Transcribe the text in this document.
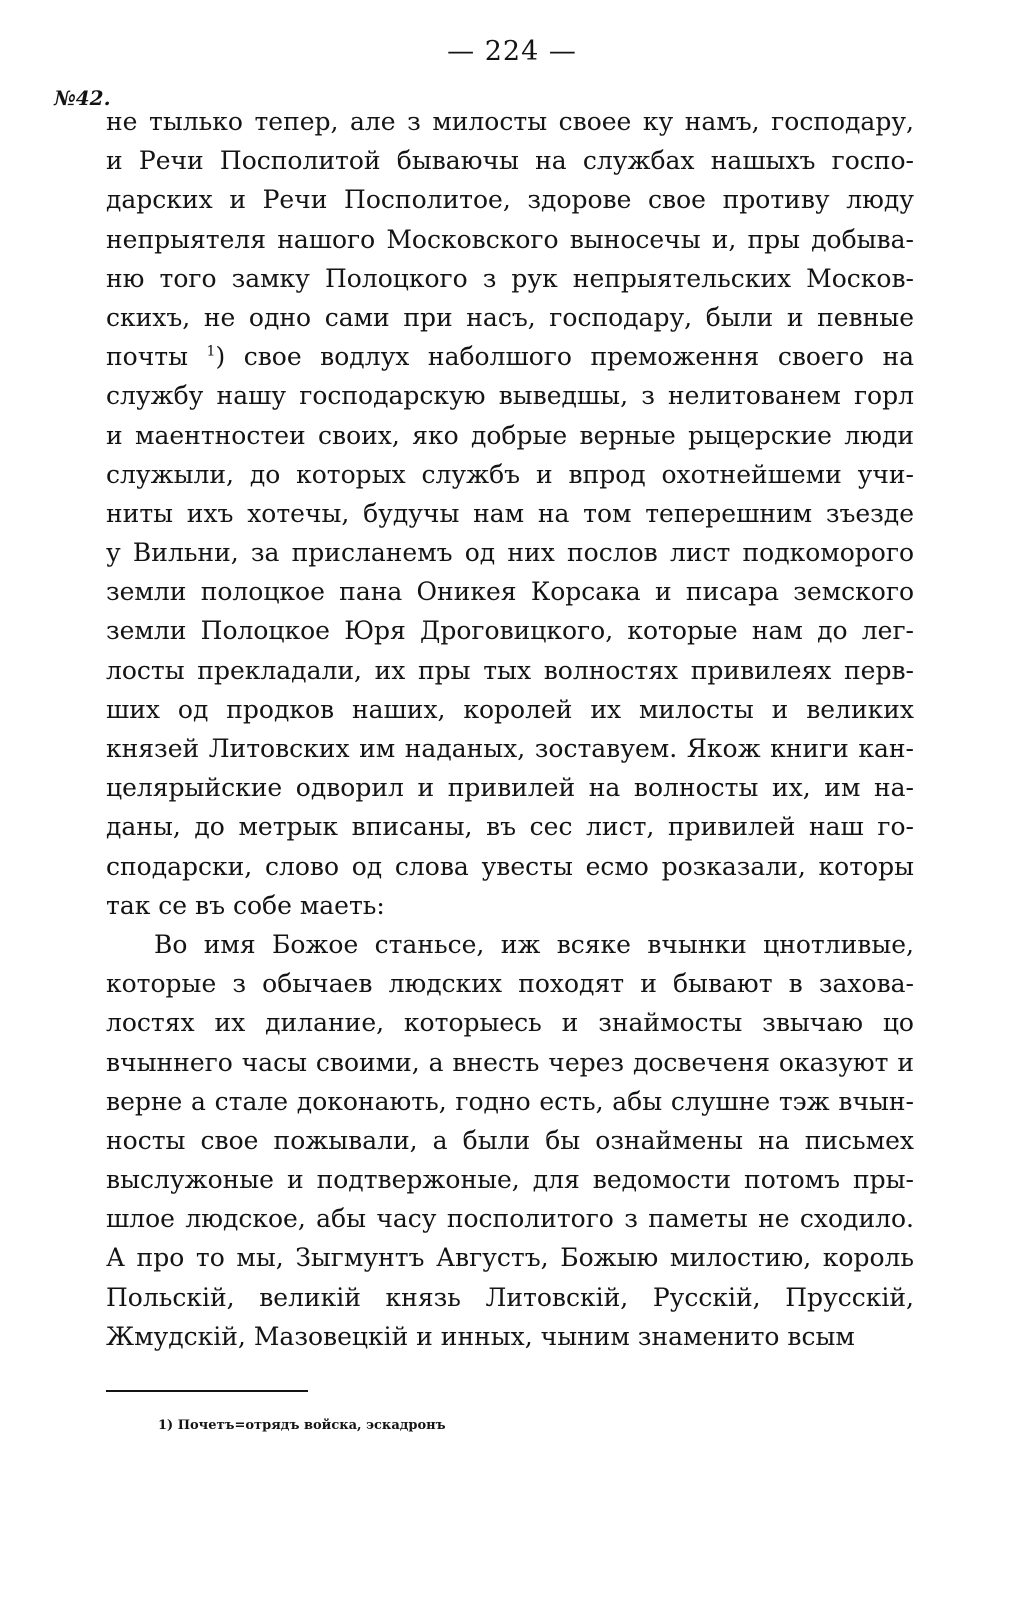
— 224 —
№42.
не тылько тепер, але з милосты своее ку намъ, господару,
и Речи Посполитой бываючы на службах нашыхъ госпо-
дарских и Речи Посполитое, здорове свое противу люду
непрыятеля нашого Московского выносечы и, пры добыва-
ню того замку Полоцкого з рук непрыятельских Москов-
скихъ, не одно сами при насъ, господару, были и певные
почты $^1$) свое водлух наболшого преможення своего на
службу нашу господарскую выведшы, з нелитованем горл
и маентностеи своих, яко добрые верные рыцерские люди
служыли, до которых службъ и впрод охотнейшеми учи-
ниты ихъ хотечы, будучы нам на том теперешним зъезде
у Вильни, за присланемъ од них послов лист подкоморого
земли полоцкое пана Оникея Корсака и писара земского
земли Полоцкое Юря Дроговицкого, которые нам до лег-
лосты прекладали, их пры тых волностях привилеях перв-
ших од продков наших, королей их милосты и великих
князей Литовских им наданых, зоставуем. Якож книги кан-
целярыйские одворил и привилей на волносты их, им на-
даны, до метрык вписаны, въ сес лист, привилей наш го-
сподарски, слово од слова увесты есмо розказали, которы
так се въ собе маеть:
Во имя Божое станьсе, иж всяке вчынки цнотливые,
которые з обычаев людских походят и бывают в захова-
лостях их дилание, которыесь и знаймосты звычаю цо
вчыннего часы своими, а внесть через досвеченя оказуют и
верне а стале доконають, годно есть, абы слушне тэж вчын-
носты свое пожывали, а были бы ознаймены на письмех
выслужоные и подтвержоные, для ведомости потомъ пры-
шлое людское, абы часу посполитого з паметы не сходило.
А про то мы, Зыгмунтъ Августъ, Божыю милостию, король
Польскій, великій князь Литовскій, Русскій, Прусскій,
Жмудскій, Мазовецкій и инных, чыним знаменито всым
1) Почетъ=отрядъ войска, эскадронъ
